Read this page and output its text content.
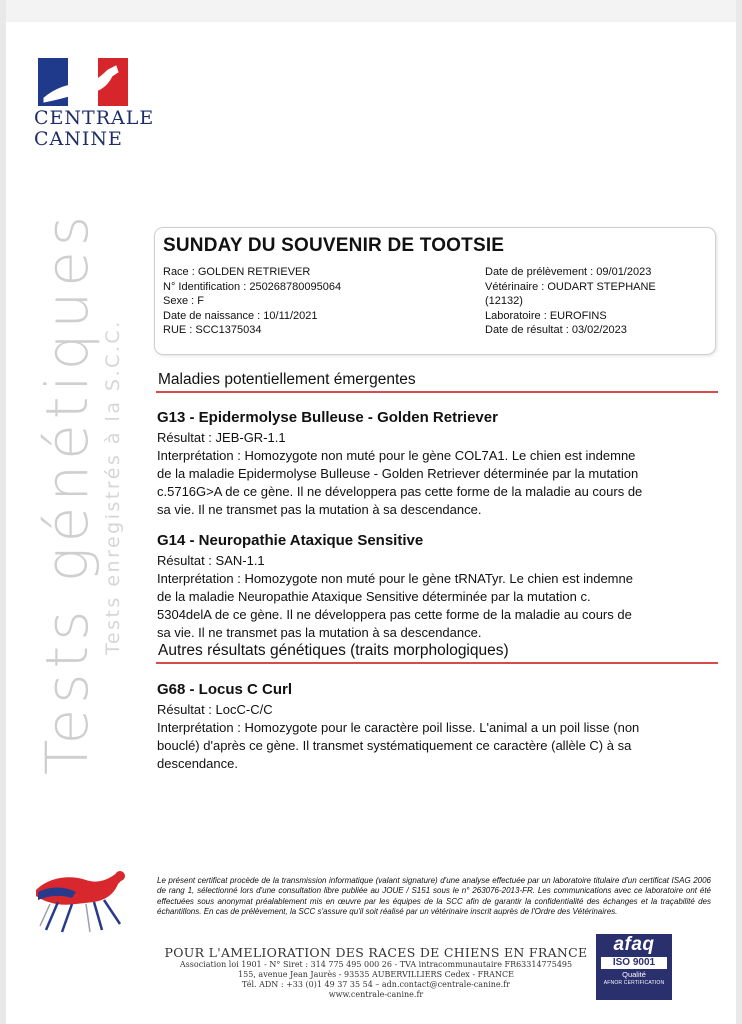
CENTRALE
CANINE
Tests génétiques Tests enregistrés à la S.C.C.
SUNDAY DU SOUVENIR DE TOOTSIE
Race : GOLDEN RETRIEVER
N° Identification : 250268780095064
Sexe : F
Date de naissance : 10/11/2021
RUE : SCC1375034
Date de prélèvement : 09/01/2023
Vétérinaire : OUDART STEPHANE
(12132)
Laboratoire : EUROFINS
Date de résultat : 03/02/2023
Maladies potentiellement émergentes
G13 - Epidermolyse Bulleuse - Golden Retriever
Résultat : JEB-GR-1.1
Interprétation : Homozygote non muté pour le gène COL7A1. Le chien est indemne
de la maladie Epidermolyse Bulleuse - Golden Retriever déterminée par la mutation
c.5716G>A de ce gène. Il ne développera pas cette forme de la maladie au cours de
sa vie. Il ne transmet pas la mutation à sa descendance.
G14 - Neuropathie Ataxique Sensitive
Résultat : SAN-1.1
Interprétation : Homozygote non muté pour le gène tRNATyr. Le chien est indemne
de la maladie Neuropathie Ataxique Sensitive déterminée par la mutation c.
5304delA de ce gène. Il ne développera pas cette forme de la maladie au cours de
sa vie. Il ne transmet pas la mutation à sa descendance.
Autres résultats génétiques (traits morphologiques)
G68 - Locus C Curl
Résultat : LocC-C/C
Interprétation : Homozygote pour le caractère poil lisse. L'animal a un poil lisse (non
bouclé) d'après ce gène. Il transmet systématiquement ce caractère (allèle C) à sa
descendance.
Le présent certificat procède de la transmission informatique (valant signature) d'une analyse effectuée par un laboratoire titulaire d'un certificat ISAG 2006 de rang 1, sélectionné lors d'une consultation libre publiée au JOUE / S151 sous le n° 263076-2013-FR. Les communications avec ce laboratoire ont été effectuées sous anonymat préalablement mis en œuvre par les équipes de la SCC afin de garantir la confidentialité des échanges et la traçabilité des échantillons. En cas de prélèvement, la SCC s'assure qu'il soit réalisé par un vétérinaire inscrit auprès de l'Ordre des Vétérinaires.
POUR L'AMELIORATION DES RACES DE CHIENS EN FRANCE
Association loi 1901 - N° Siret : 314 775 495 000 26 - TVA intracommunautaire FR63314775495
155, avenue Jean Jaurès - 93535 AUBERVILLIERS Cedex - FRANCE
Tél. ADN : +33 (0)1 49 37 35 54 – adn.contact@centrale-canine.fr
www.centrale-canine.fr
afaq
ISO 9001
Qualité
AFNOR CERTIFICATION
